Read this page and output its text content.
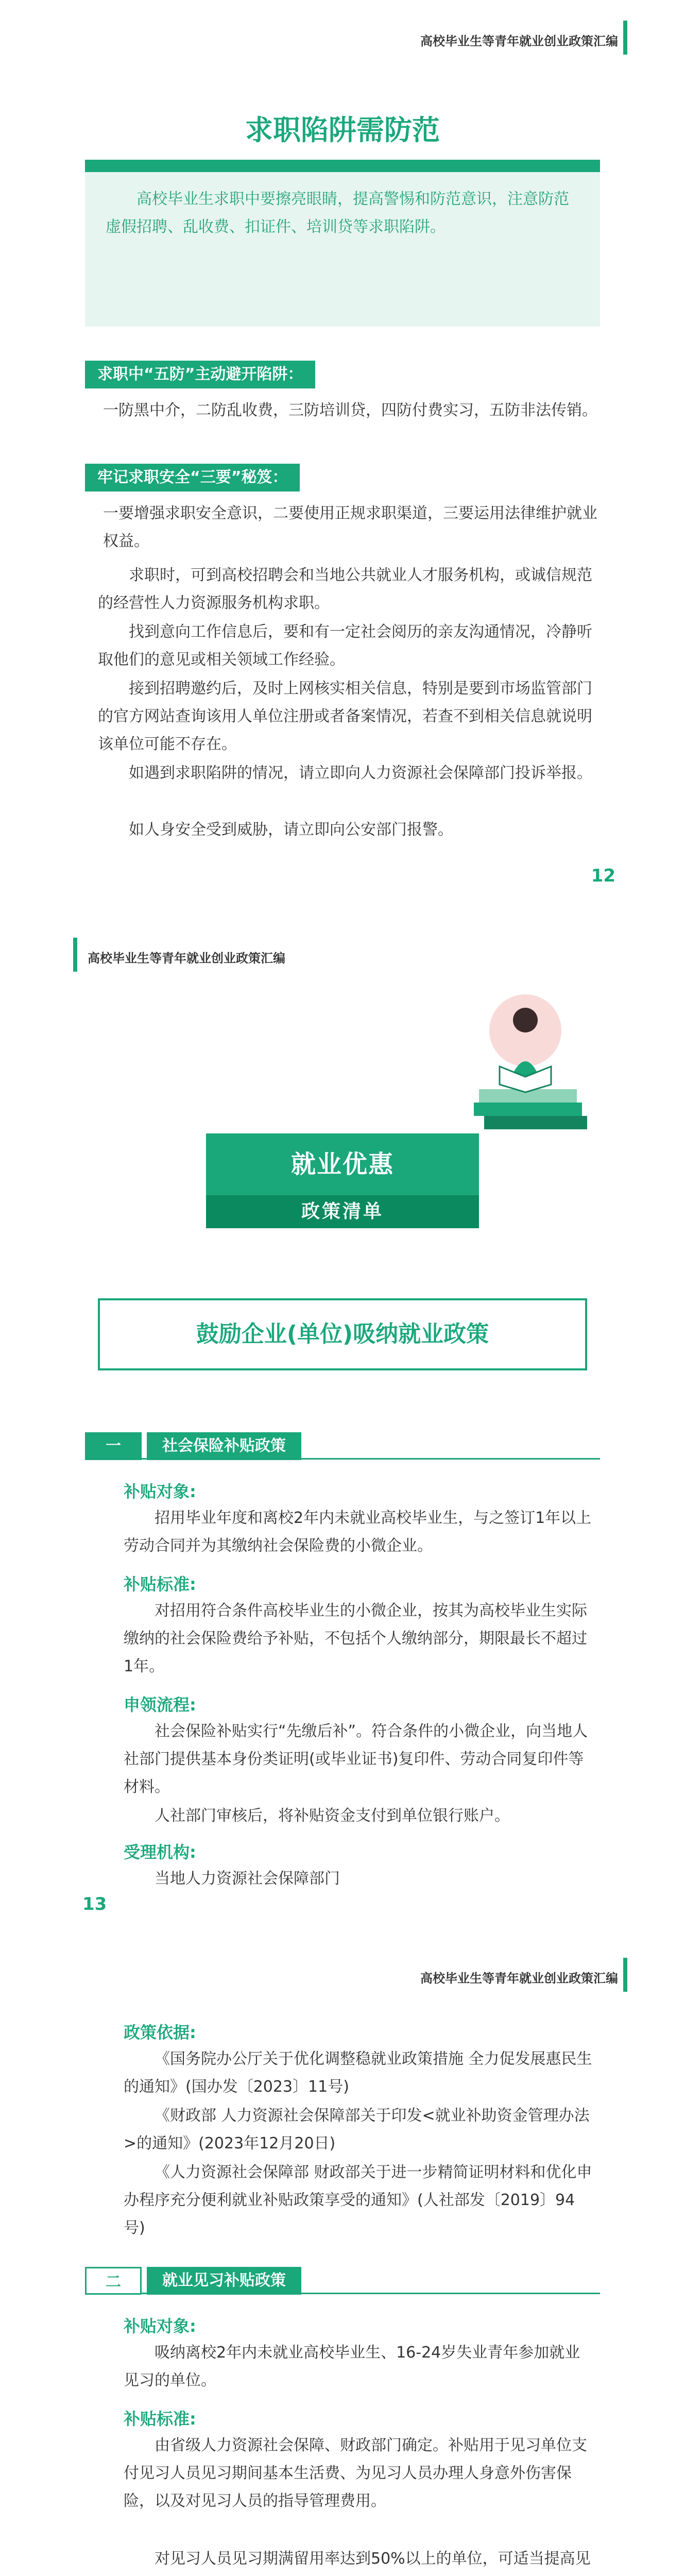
高校毕业生等青年就业创业政策汇编
求职陷阱需防范
高校毕业生求职中要擦亮眼睛，提高警惕和防范意识，注意防范虚假招聘、乱收费、扣证件、培训贷等求职陷阱。
求职中“五防”主动避开陷阱：
一防黑中介，二防乱收费，三防培训贷，四防付费实习，五防非法传销。
牢记求职安全“三要”秘笈：
一要增强求职安全意识，二要使用正规求职渠道，三要运用法律维护就业权益。
求职时，可到高校招聘会和当地公共就业人才服务机构，或诚信规范的经营性人力资源服务机构求职。
找到意向工作信息后，要和有一定社会阅历的亲友沟通情况，冷静听取他们的意见或相关领域工作经验。
接到招聘邀约后，及时上网核实相关信息，特别是要到市场监管部门的官方网站查询该用人单位注册或者备案情况，若查不到相关信息就说明该单位可能不存在。
如遇到求职陷阱的情况，请立即向人力资源社会保障部门投诉举报。
如人身安全受到威胁，请立即向公安部门报警。
12
高校毕业生等青年就业创业政策汇编
就业优惠
政策清单
鼓励企业(单位)吸纳就业政策
一	社会保险补贴政策
补贴对象:
招用毕业年度和离校2年内未就业高校毕业生，与之签订1年以上劳动合同并为其缴纳社会保险费的小微企业。
补贴标准:
对招用符合条件高校毕业生的小微企业，按其为高校毕业生实际缴纳的社会保险费给予补贴，不包括个人缴纳部分，期限最长不超过1年。
申领流程:
社会保险补贴实行“先缴后补”。符合条件的小微企业，向当地人社部门提供基本身份类证明(或毕业证书)复印件、劳动合同复印件等材料。
人社部门审核后，将补贴资金支付到单位银行账户。
受理机构:
当地人力资源社会保障部门
13
高校毕业生等青年就业创业政策汇编
政策依据:
《国务院办公厅关于优化调整稳就业政策措施 全力促发展惠民生的通知》(国办发〔2023〕11号)
《财政部 人力资源社会保障部关于印发<就业补助资金管理办法>的通知》(2023年12月20日)
《人力资源社会保障部 财政部关于进一步精简证明材料和优化申办程序充分便利就业补贴政策享受的通知》(人社部发〔2019〕94号)
二	就业见习补贴政策
补贴对象:
吸纳离校2年内未就业高校毕业生、16-24岁失业青年参加就业见习的单位。
补贴标准:
由省级人力资源社会保障、财政部门确定。补贴用于见习单位支付见习人员见习期间基本生活费、为见习人员办理人身意外伤害保险，以及对见习人员的指导管理费用。
对见习人员见习期满留用率达到50%以上的单位，可适当提高见
